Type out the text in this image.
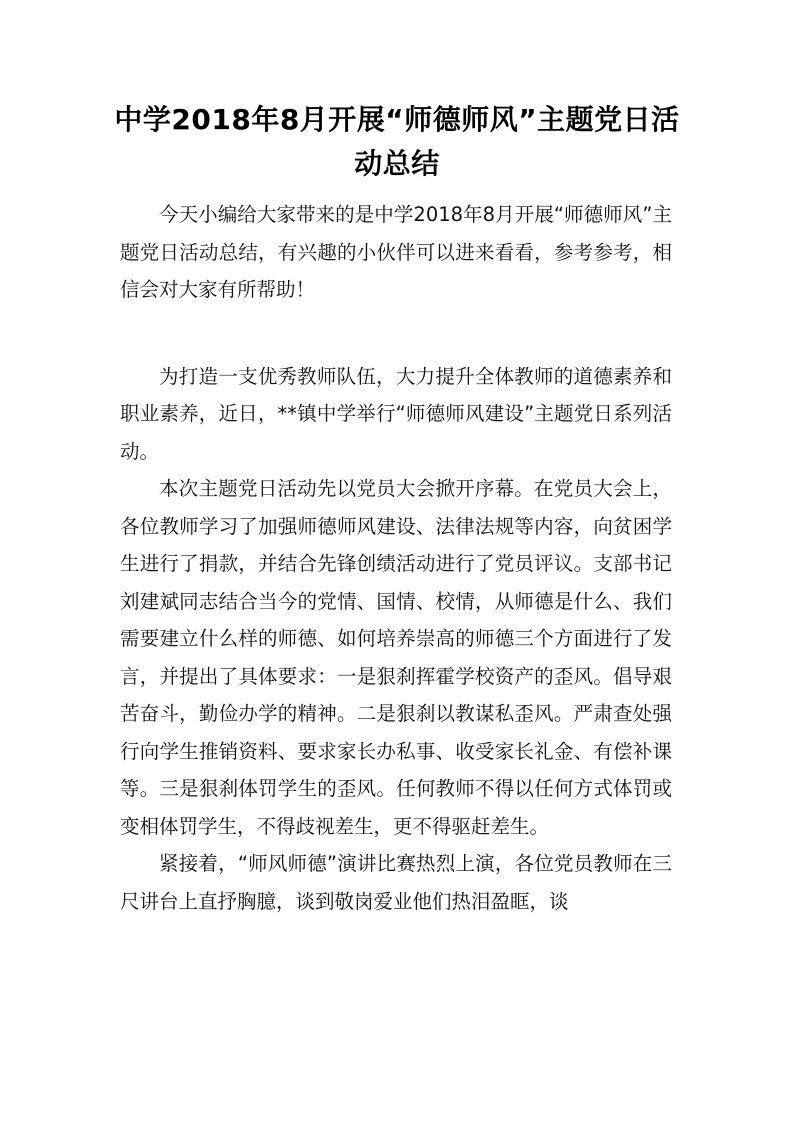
中学2018年8月开展“师德师风”主题党日活动总结

今天小编给大家带来的是中学2018年8月开展“师德师风”主题党日活动总结，有兴趣的小伙伴可以进来看看，参考参考，相信会对大家有所帮助！

为打造一支优秀教师队伍，大力提升全体教师的道德素养和职业素养，近日，**镇中学举行“师德师风建设”主题党日系列活动。

本次主题党日活动先以党员大会掀开序幕。在党员大会上，各位教师学习了加强师德师风建设、法律法规等内容，向贫困学生进行了捐款，并结合先锋创绩活动进行了党员评议。支部书记刘建斌同志结合当今的党情、国情、校情，从师德是什么、我们需要建立什么样的师德、如何培养崇高的师德三个方面进行了发言，并提出了具体要求：一是狠刹挥霍学校资产的歪风。倡导艰苦奋斗，勤俭办学的精神。二是狠刹以教谋私歪风。严肃查处强行向学生推销资料、要求家长办私事、收受家长礼金、有偿补课等。三是狠刹体罚学生的歪风。任何教师不得以任何方式体罚或变相体罚学生，不得歧视差生，更不得驱赶差生。

紧接着，“师风师德”演讲比赛热烈上演，各位党员教师在三尺讲台上直抒胸臆，谈到敬岗爱业他们热泪盈眶，谈
